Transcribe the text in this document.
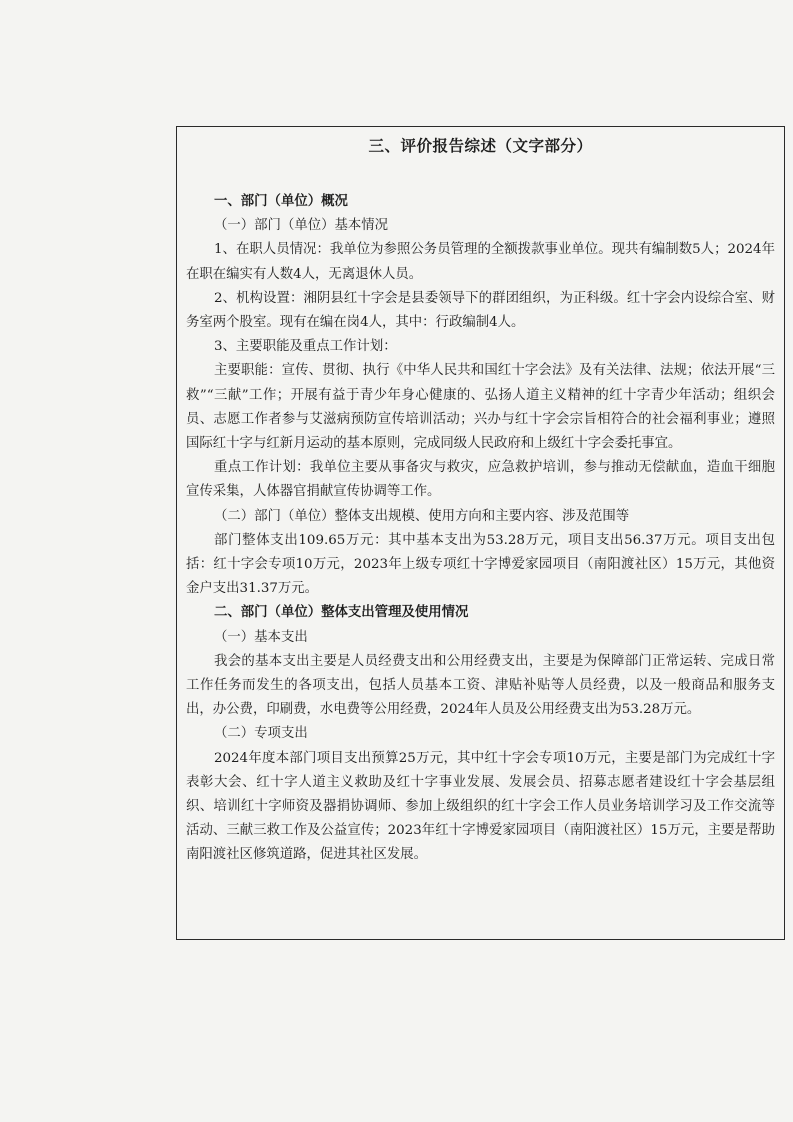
三、评价报告综述（文字部分）

一、部门（单位）概况

（一）部门（单位）基本情况

1、在职人员情况：我单位为参照公务员管理的全额拨款事业单位。现共有编制数5人；2024年在职在编实有人数4人，无离退休人员。

2、机构设置：湘阴县红十字会是县委领导下的群团组织，为正科级。红十字会内设综合室、财务室两个股室。现有在编在岗4人，其中：行政编制4人。

3、主要职能及重点工作计划：

主要职能：宣传、贯彻、执行《中华人民共和国红十字会法》及有关法律、法规；依法开展“三救”“三献”工作；开展有益于青少年身心健康的、弘扬人道主义精神的红十字青少年活动；组织会员、志愿工作者参与艾滋病预防宣传培训活动；兴办与红十字会宗旨相符合的社会福利事业；遵照国际红十字与红新月运动的基本原则，完成同级人民政府和上级红十字会委托事宜。

重点工作计划：我单位主要从事备灾与救灾，应急救护培训，参与推动无偿献血，造血干细胞宣传采集，人体器官捐献宣传协调等工作。

（二）部门（单位）整体支出规模、使用方向和主要内容、涉及范围等

部门整体支出109.65万元：其中基本支出为53.28万元，项目支出56.37万元。项目支出包括：红十字会专项10万元，2023年上级专项红十字博爱家园项目（南阳渡社区）15万元，其他资金户支出31.37万元。

二、部门（单位）整体支出管理及使用情况

（一）基本支出

我会的基本支出主要是人员经费支出和公用经费支出，主要是为保障部门正常运转、完成日常工作任务而发生的各项支出，包括人员基本工资、津贴补贴等人员经费，以及一般商品和服务支出，办公费，印刷费，水电费等公用经费，2024年人员及公用经费支出为53.28万元。

（二）专项支出

2024年度本部门项目支出预算25万元，其中红十字会专项10万元，主要是部门为完成红十字表彰大会、红十字人道主义救助及红十字事业发展、发展会员、招募志愿者建设红十字会基层组织、培训红十字师资及器捐协调师、参加上级组织的红十字会工作人员业务培训学习及工作交流等活动、三献三救工作及公益宣传；2023年红十字博爱家园项目（南阳渡社区）15万元，主要是帮助南阳渡社区修筑道路，促进其社区发展。
